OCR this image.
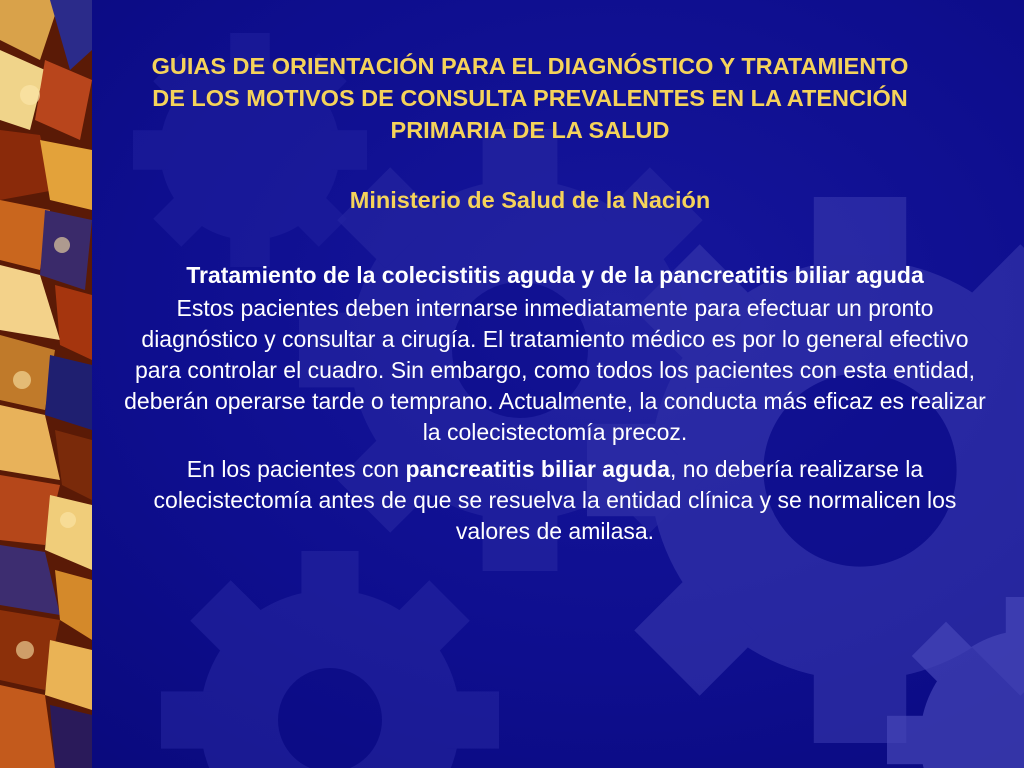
GUIAS DE ORIENTACIÓN PARA EL DIAGNÓSTICO Y TRATAMIENTO DE LOS MOTIVOS DE CONSULTA PREVALENTES EN LA ATENCIÓN PRIMARIA DE LA SALUD

Ministerio de Salud de la Nación

Tratamiento de la colecistitis aguda y de la pancreatitis biliar aguda

Estos pacientes deben internarse inmediatamente para efectuar un pronto diagnóstico y consultar a cirugía. El tratamiento médico es por lo general efectivo para controlar el cuadro. Sin embargo, como todos los pacientes con esta entidad, deberán operarse tarde o temprano. Actualmente, la conducta más eficaz es realizar la colecistectomía precoz.

En los pacientes con pancreatitis biliar aguda, no debería realizarse la colecistectomía antes de que se resuelva la entidad clínica y se normalicen los valores de amilasa.
